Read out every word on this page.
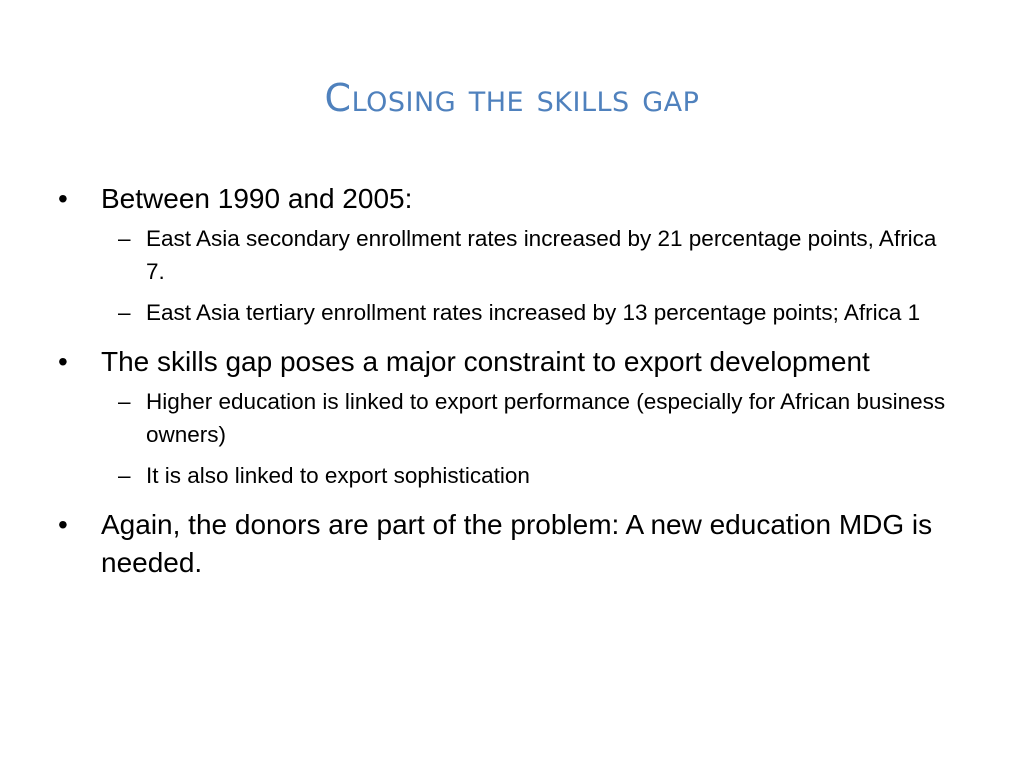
Closing the skills gap
•	Between 1990 and 2005:
– East Asia secondary enrollment rates increased by 21 percentage points, Africa 7.
– East Asia tertiary enrollment rates increased by 13 percentage points; Africa 1
•	The skills gap poses a major constraint to export development
– Higher education is linked to export performance (especially for African business owners)
– It is also linked to export sophistication
•	Again, the donors are part of the problem: A new education MDG is needed.
